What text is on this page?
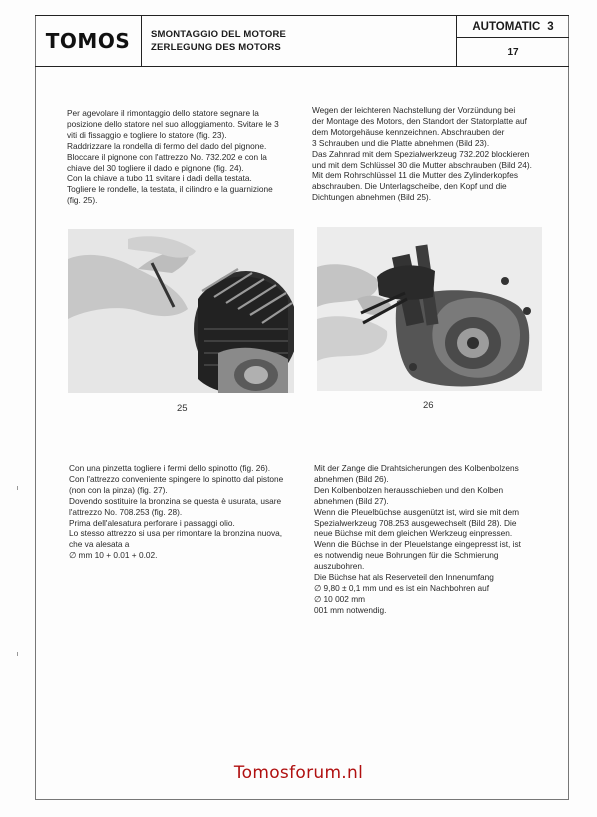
TOMOS SMONTAGGIO DEL MOTORE
ZERLEGUNG DES MOTORS
AUTOMATIC 3
17

Per agevolare il rimontaggio dello statore segnare la

posizione dello statore nel suo alloggiamento. Svitare le 3

viti di fissaggio e togliere lo statore (fig. 23).

Raddrizzare la rondella di fermo del dado del pignone.

Bloccare il pignone con l'attrezzo No. 732.202 e con la

chiave del 30 togliere il dado e pignone (fig. 24).

Con la chiave a tubo 11 svitare i dadi della testata.

Togliere le rondelle, la testata, il cilindro e la guarnizione

(fig. 25).

Wegen der leichteren Nachstellung der Vorzündung bei

der Montage des Motors, den Standort der Statorplatte auf

dem Motorgehäuse kennzeichnen. Abschrauben der

3 Schrauben und die Platte abnehmen (Bild 23).

Das Zahnrad mit dem Spezialwerkzeug 732.202 blockieren

und mit dem Schlüssel 30 die Mutter abschrauben (Bild 24).

Mit dem Rohrschlüssel 11 die Mutter des Zylinderkopfes

abschrauben. Die Unterlagscheibe, den Kopf und die

Dichtungen abnehmen (Bild 25).

25	26

Con una pinzetta togliere i fermi dello spinotto (fig. 26).

Con l'attrezzo conveniente spingere lo spinotto dal pistone

(non con la pinza) (fig. 27).

Dovendo sostituire la bronzina se questa è usurata, usare

l'attrezzo No. 708.253 (fig. 28).

Prima dell'alesatura perforare i passaggi olio.

Lo stesso attrezzo si usa per rimontare la bronzina nuova,

che va alesata a

∅ mm 10 + 0.01 + 0.02.

Mit der Zange die Drahtsicherungen des Kolbenbolzens

abnehmen (Bild 26).

Den Kolbenbolzen herausschieben und den Kolben

abnehmen (Bild 27).

Wenn die Pleuelbüchse ausgenützt ist, wird sie mit dem

Spezialwerkzeug 708.253 ausgewechselt (Bild 28). Die

neue Büchse mit dem gleichen Werkzeug einpressen.

Wenn die Büchse in der Pleuelstange eingepresst ist, ist

es notwendig neue Bohrungen für die Schmierung

auszubohren.

Die Büchse hat als Reserveteil den Innenumfang

∅ 9,80 ± 0,1 mm und es ist ein Nachbohren auf

∅ 10 002 mm

001 mm notwendig.

Tomosforum.nl
